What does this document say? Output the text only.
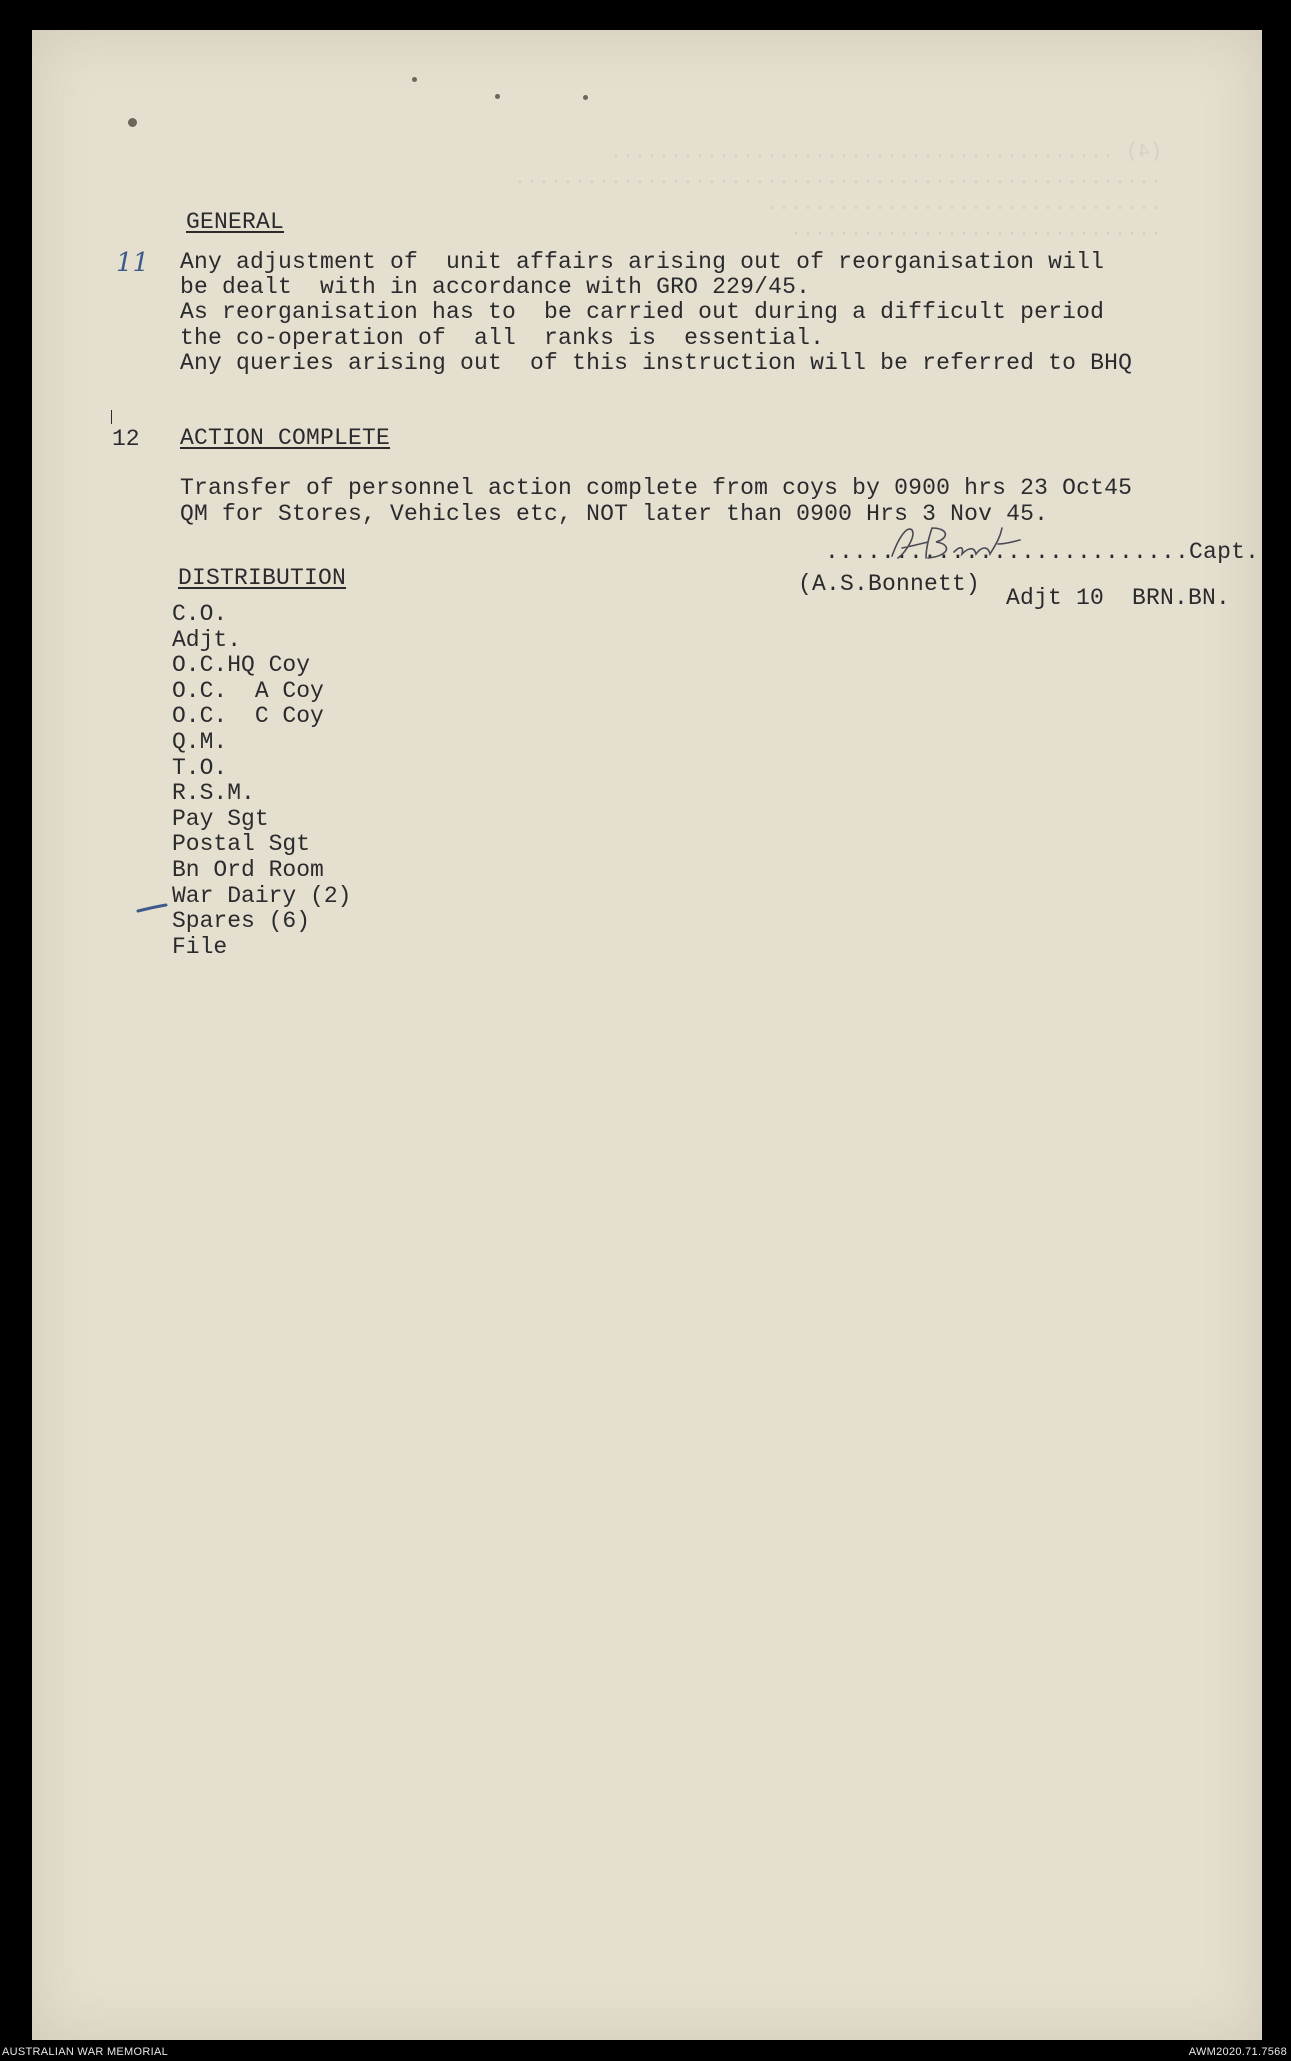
(4) ..........................................
......................................................
.................................
...............................
GENERAL
11 Any adjustment of  unit affairs arising out of reorganisation will
be dealt  with in accordance with GRO 229/45.
As reorganisation has to  be carried out during a difficult period
the co-operation of  all  ranks is  essential.
Any queries arising out  of this instruction will be referred to BHQ
12 ACTION COMPLETE
Transfer of personnel action complete from coys by 0900 hrs 23 Oct45
QM for Stores, Vehicles etc, NOT later than 0900 Hrs 3 Nov 45.
..........................Capt.
(A.S.Bonnett)
Adjt 10  BRN.BN.
DISTRIBUTION
C.O.
Adjt.
O.C.HQ Coy
O.C.  A Coy
O.C.  C Coy
Q.M.
T.O.
R.S.M.
Pay Sgt
Postal Sgt
Bn Ord Room
War Dairy (2)
Spares (6)
File
AUSTRALIAN WAR MEMORIAL	AWM2020.71.7568
